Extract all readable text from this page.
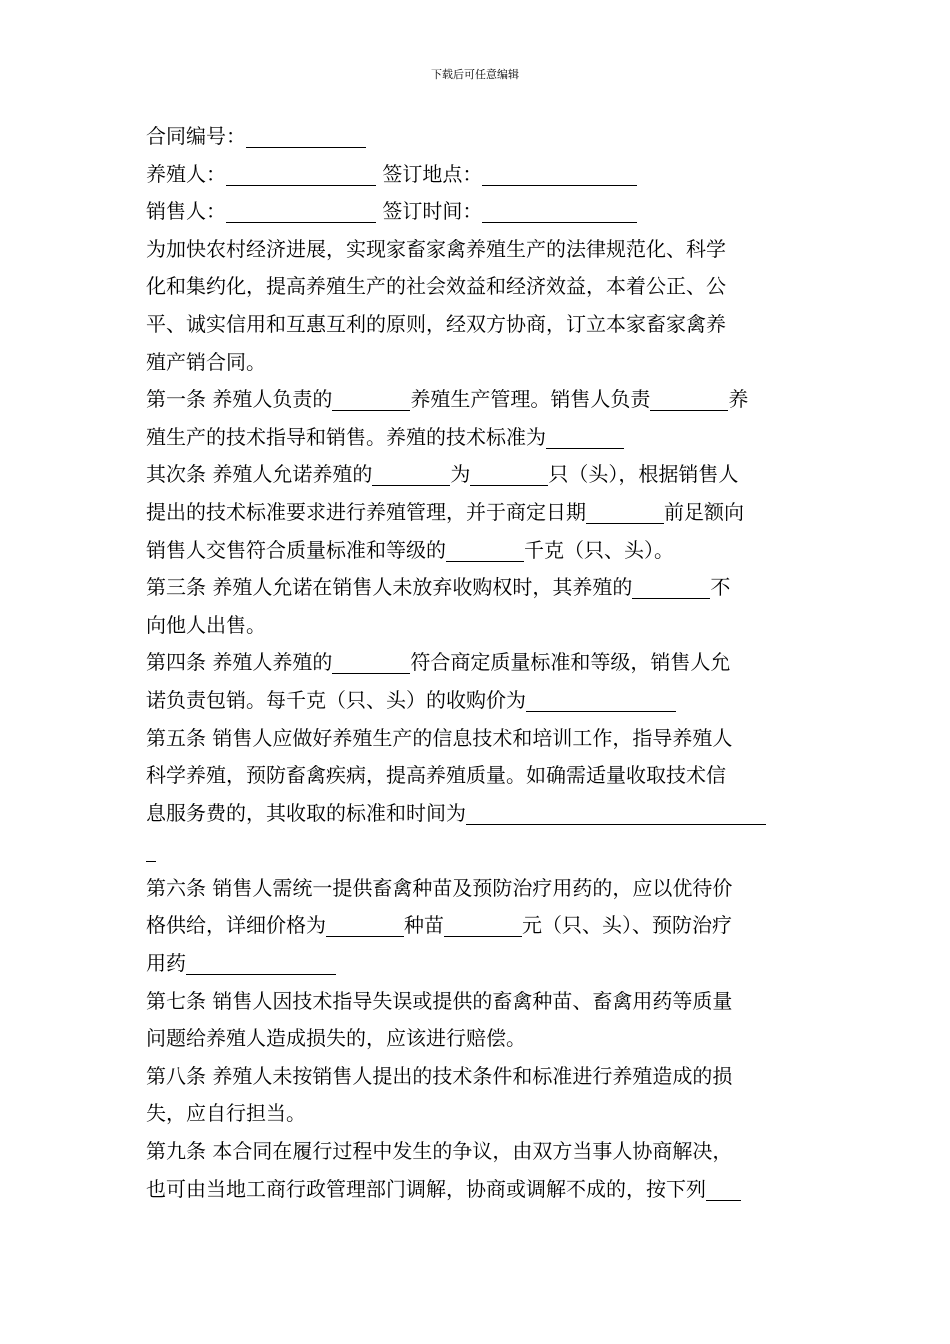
下载后可任意编辑

合同编号：

养殖人：	签订地点：

销售人：	签订时间：

为加快农村经济进展，实现家畜家禽养殖生产的法律规范化、科学

化和集约化，提高养殖生产的社会效益和经济效益，本着公正、公

平、诚实信用和互惠互利的原则，经双方协商，订立本家畜家禽养

殖产销合同。

第一条 养殖人负责的	养殖生产管理。销售人负责	养

殖生产的技术指导和销售。养殖的技术标准为

其次条 养殖人允诺养殖的	为	只（头），根据销售人

提出的技术标准要求进行养殖管理，并于商定日期	前足额向

销售人交售符合质量标准和等级的	千克（只、头）。

第三条 养殖人允诺在销售人未放弃收购权时，其养殖的	不

向他人出售。

第四条 养殖人养殖的	符合商定质量标准和等级，销售人允

诺负责包销。每千克（只、头）的收购价为

第五条 销售人应做好养殖生产的信息技术和培训工作，指导养殖人

科学养殖，预防畜禽疾病，提高养殖质量。如确需适量收取技术信

息服务费的，其收取的标准和时间为

第六条 销售人需统一提供畜禽种苗及预防治疗用药的，应以优待价

格供给，详细价格为	种苗	元（只、头）、预防治疗

用药

第七条 销售人因技术指导失误或提供的畜禽种苗、畜禽用药等质量

问题给养殖人造成损失的，应该进行赔偿。

第八条 养殖人未按销售人提出的技术条件和标准进行养殖造成的损

失，应自行担当。

第九条 本合同在履行过程中发生的争议，由双方当事人协商解决，

也可由当地工商行政管理部门调解，协商或调解不成的，按下列
